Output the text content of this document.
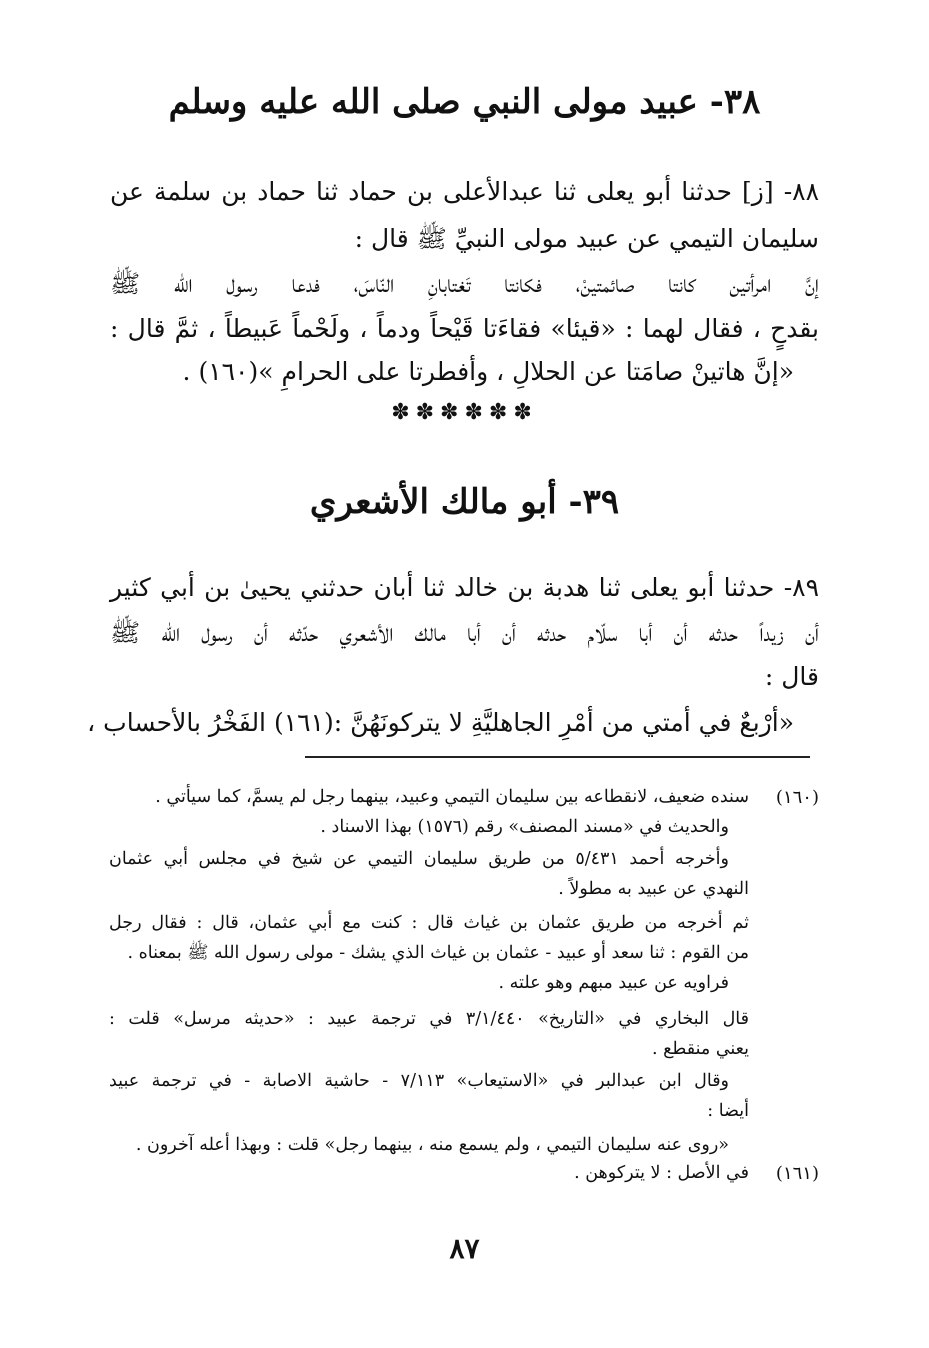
٣٨- عبيد مولى النبي صلى الله عليه وسلم
٨٨- [ز] حدثنا أبو يعلى ثنا عبدالأعلى بن حماد ثنا حماد بن سلمة عن
سليمان التيمي عن عبيد مولى النبيِّ ﷺ قال :
إنَّ امرأتين كانتا صائمتينْ، فكانتا تَغتابانِ النّاسَ، فدعا رسول الله ﷺ
بقدحٍ ، فقال لهما : «قيئا» فقاءَتا قَيْحاً ودماً ، ولَحْماً عَبيطاً ، ثمَّ قال :
«إنَّ هاتينْ صامَتا عن الحلالِ ، وأفطرتا على الحرامِ »(١٦٠) .
✽✽✽✽✽✽
٣٩- أبو مالك الأشعري
٨٩- حدثنا أبو يعلى ثنا هدبة بن خالد ثنا أبان حدثني يحيىٰ بن أبي كثير
أن زيداً حدثه أن أبا سلّام حدثه أن أبا مالك الأشعري حدّثه أن رسول الله ﷺ
قال :
«أرْبعٌ في أمتي من أمْرِ الجاهليَّةِ لا يتركونَهُنَّ :(١٦١) الفَخْرُ بالأحساب ،
(١٦٠)
سنده ضعيف، لانقطاعه بين سليمان التيمي وعبيد، بينهما رجل لم يسمَّ، كما سيأتي .
والحديث في «مسند المصنف» رقم (١٥٧٦) بهذا الاسناد .
وأخرجه أحمد ٥/٤٣١ من طريق سليمان التيمي عن شيخ في مجلس أبي عثمان
النهدي عن عبيد به مطولاً .
ثم أخرجه من طريق عثمان بن غياث قال : كنت مع أبي عثمان، قال : فقال رجل
من القوم : ثنا سعد أو عبيد - عثمان بن غياث الذي يشك - مولى رسول الله ﷺ بمعناه .
فراويه عن عبيد مبهم وهو علته .
قال البخاري في «التاريخ» ٣/١/٤٤٠ في ترجمة عبيد : «حديثه مرسل» قلت :
يعني منقطع .
وقال ابن عبدالبر في «الاستيعاب» ٧/١١٣ - حاشية الاصابة - في ترجمة عبيد
أيضا :
«روى عنه سليمان التيمي ، ولم يسمع منه ، بينهما رجل» قلت : وبهذا أعله آخرون .
(١٦١)
في الأصل : لا يتركوهن .
٨٧
